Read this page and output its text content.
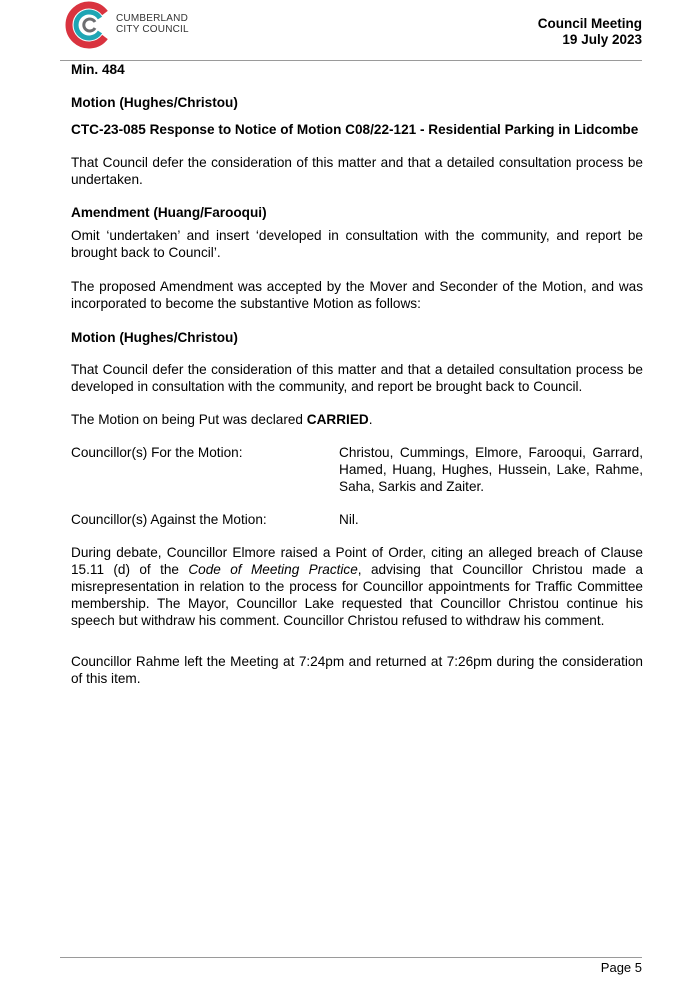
CUMBERLAND
CITY COUNCIL	Council Meeting
19 July 2023

Min. 484

Motion (Hughes/Christou)

CTC-23-085 Response to Notice of Motion C08/22-121 - Residential Parking in Lidcombe

That Council defer the consideration of this matter and that a detailed consultation process be undertaken.

Amendment (Huang/Farooqui)

Omit ‘undertaken’ and insert ‘developed in consultation with the community, and report be brought back to Council’.

The proposed Amendment was accepted by the Mover and Seconder of the Motion, and was incorporated to become the substantive Motion as follows:

Motion (Hughes/Christou)

That Council defer the consideration of this matter and that a detailed consultation process be developed in consultation with the community, and report be brought back to Council.

The Motion on being Put was declared CARRIED.

Councillor(s) For the Motion:	Christou, Cummings, Elmore, Farooqui, Garrard, Hamed, Huang, Hughes, Hussein, Lake, Rahme, Saha, Sarkis and Zaiter.
Councillor(s) Against the Motion:	Nil.

During debate, Councillor Elmore raised a Point of Order, citing an alleged breach of Clause 15.11 (d) of the Code of Meeting Practice, advising that Councillor Christou made a misrepresentation in relation to the process for Councillor appointments for Traffic Committee membership. The Mayor, Councillor Lake requested that Councillor Christou continue his speech but withdraw his comment. Councillor Christou refused to withdraw his comment.

Councillor Rahme left the Meeting at 7:24pm and returned at 7:26pm during the consideration of this item.

Page 5
